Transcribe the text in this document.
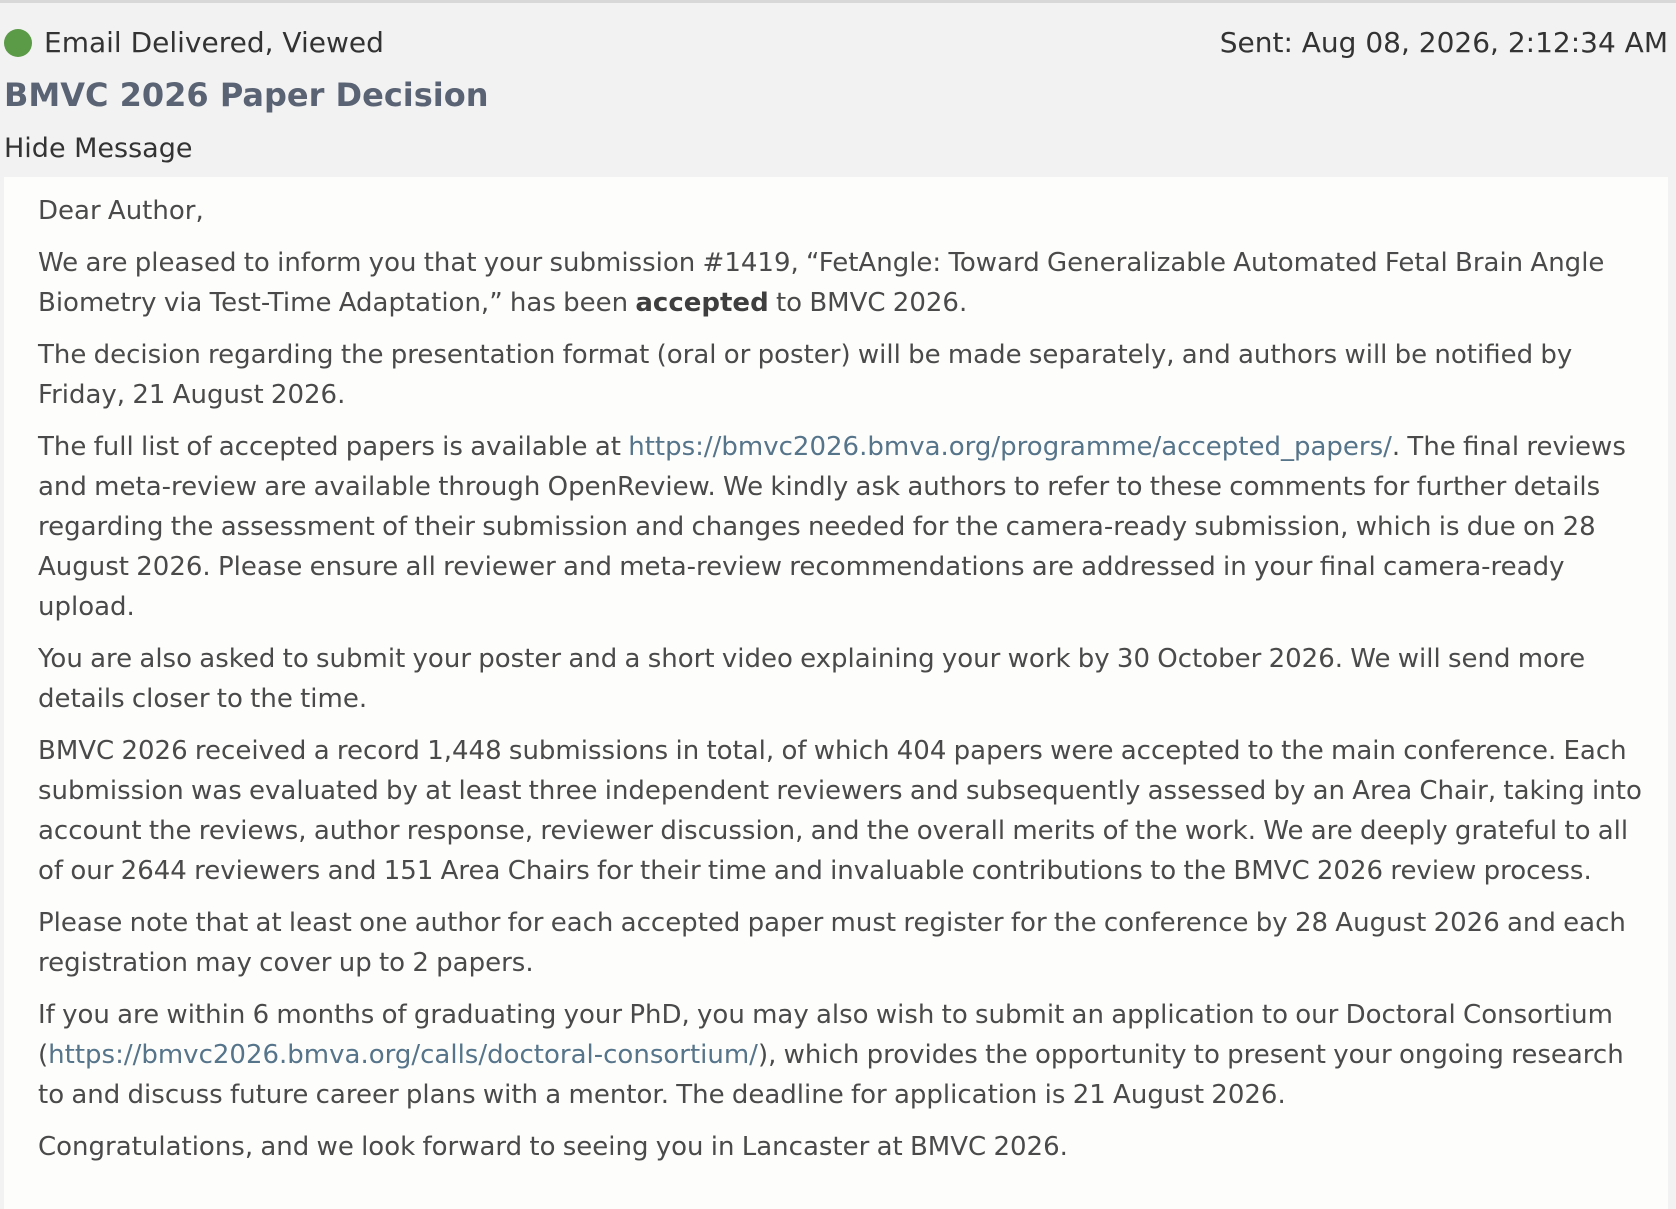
Email Delivered, Viewed	Sent: Aug 08, 2026, 2:12:34 AM
BMVC 2026 Paper Decision
Hide Message

Dear Author,

We are pleased to inform you that your submission #1419, “FetAngle: Toward Generalizable Automated Fetal Brain Angle Biometry via Test-Time Adaptation,” has been accepted to BMVC 2026.

The decision regarding the presentation format (oral or poster) will be made separately, and authors will be notified by Friday, 21 August 2026.

The full list of accepted papers is available at https://bmvc2026.bmva.org/programme/accepted_papers/. The final reviews and meta-review are available through OpenReview. We kindly ask authors to refer to these comments for further details regarding the assessment of their submission and changes needed for the camera-ready submission, which is due on 28 August 2026. Please ensure all reviewer and meta-review recommendations are addressed in your final camera-ready upload.

You are also asked to submit your poster and a short video explaining your work by 30 October 2026. We will send more details closer to the time.

BMVC 2026 received a record 1,448 submissions in total, of which 404 papers were accepted to the main conference. Each submission was evaluated by at least three independent reviewers and subsequently assessed by an Area Chair, taking into account the reviews, author response, reviewer discussion, and the overall merits of the work. We are deeply grateful to all of our 2644 reviewers and 151 Area Chairs for their time and invaluable contributions to the BMVC 2026 review process.

Please note that at least one author for each accepted paper must register for the conference by 28 August 2026 and each registration may cover up to 2 papers.

If you are within 6 months of graduating your PhD, you may also wish to submit an application to our Doctoral Consortium (https://bmvc2026.bmva.org/calls/doctoral-consortium/), which provides the opportunity to present your ongoing research to and discuss future career plans with a mentor. The deadline for application is 21 August 2026.

Congratulations, and we look forward to seeing you in Lancaster at BMVC 2026.
